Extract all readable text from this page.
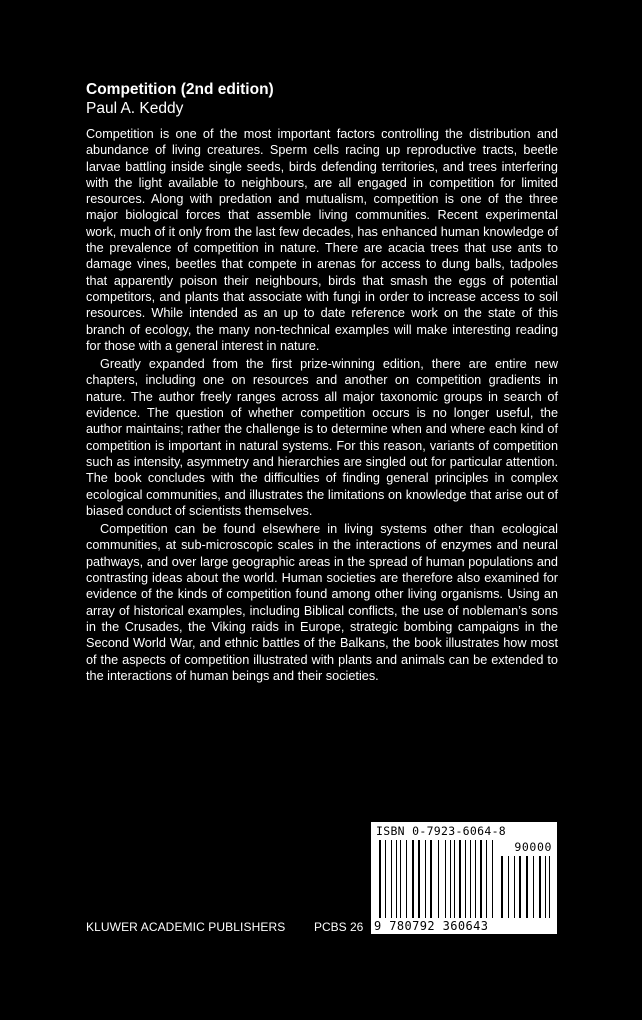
Competition (2nd edition)

Paul A. Keddy

Competition is one of the most important factors controlling the distribution and abundance of living creatures. Sperm cells racing up reproductive tracts, beetle larvae battling inside single seeds, birds defending territories, and trees interfering with the light available to neighbours, are all engaged in competition for limited resources. Along with predation and mutualism, competition is one of the three major biological forces that assemble living communities. Recent experimental work, much of it only from the last few decades, has enhanced human knowledge of the prevalence of competition in nature. There are acacia trees that use ants to damage vines, beetles that compete in arenas for access to dung balls, tadpoles that apparently poison their neighbours, birds that smash the eggs of potential competitors, and plants that associate with fungi in order to increase access to soil resources. While intended as an up to date reference work on the state of this branch of ecology, the many non-technical examples will make interesting reading for those with a general interest in nature.

Greatly expanded from the first prize-winning edition, there are entire new chapters, including one on resources and another on competition gradients in nature. The author freely ranges across all major taxonomic groups in search of evidence. The question of whether competition occurs is no longer useful, the author maintains; rather the challenge is to determine when and where each kind of competition is important in natural systems. For this reason, variants of competition such as intensity, asymmetry and hierarchies are singled out for particular attention. The book concludes with the difficulties of finding general principles in complex ecological communities, and illustrates the limitations on knowledge that arise out of biased conduct of scientists themselves.

Competition can be found elsewhere in living systems other than ecological communities, at sub-microscopic scales in the interactions of enzymes and neural pathways, and over large geographic areas in the spread of human populations and contrasting ideas about the world. Human societies are therefore also examined for evidence of the kinds of competition found among other living organisms. Using an array of historical examples, including Biblical conflicts, the use of nobleman’s sons in the Crusades, the Viking raids in Europe, strategic bombing campaigns in the Second World War, and ethnic battles of the Balkans, the book illustrates how most of the aspects of competition illustrated with plants and animals can be extended to the interactions of human beings and their societies.

KLUWER ACADEMIC PUBLISHERS PCBS 26
ISBN 0-7923-6064-8
90000
9 780792 360643
